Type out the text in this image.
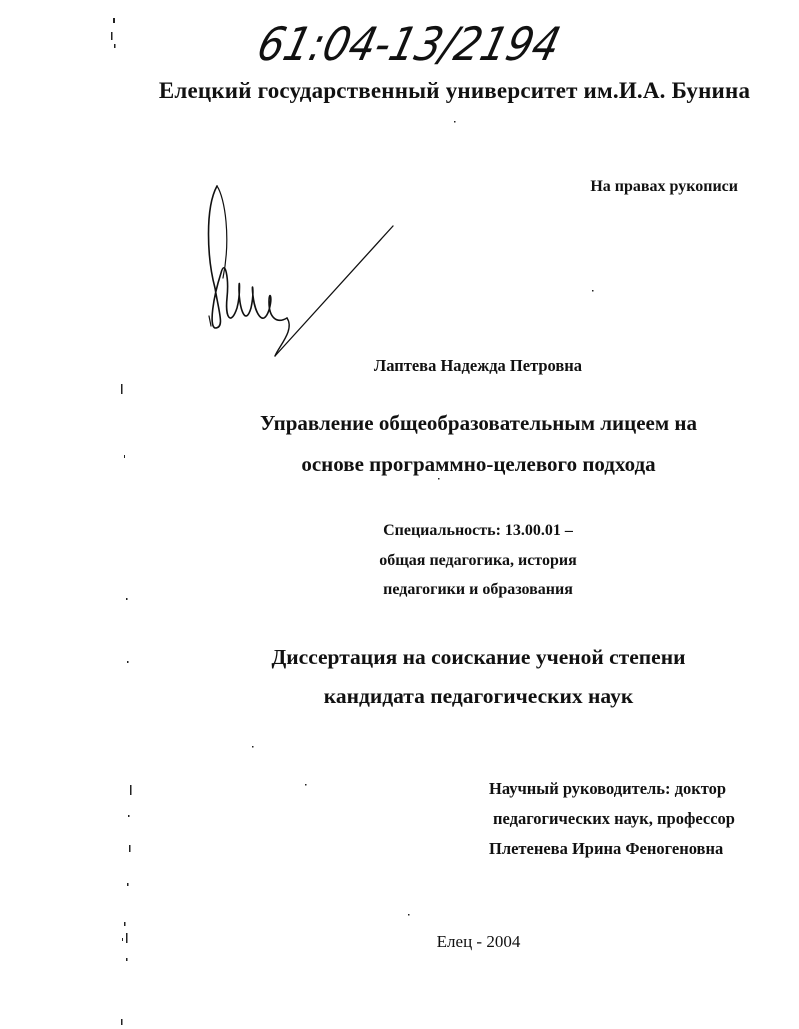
61:04-13/2194
Елецкий государственный университет им.И.А. Бунина
На правах рукописи
Лаптева Надежда Петровна
Управление общеобразовательным лицеем на
основе программно-целевого подхода
Специальность: 13.00.01 –
общая педагогика, история
педагогики и образования
Диссертация на соискание ученой степени
кандидата педагогических наук
Научный руководитель: доктор
педагогических наук, профессор
Плетенева Ирина Феногеновна
Елец - 2004
